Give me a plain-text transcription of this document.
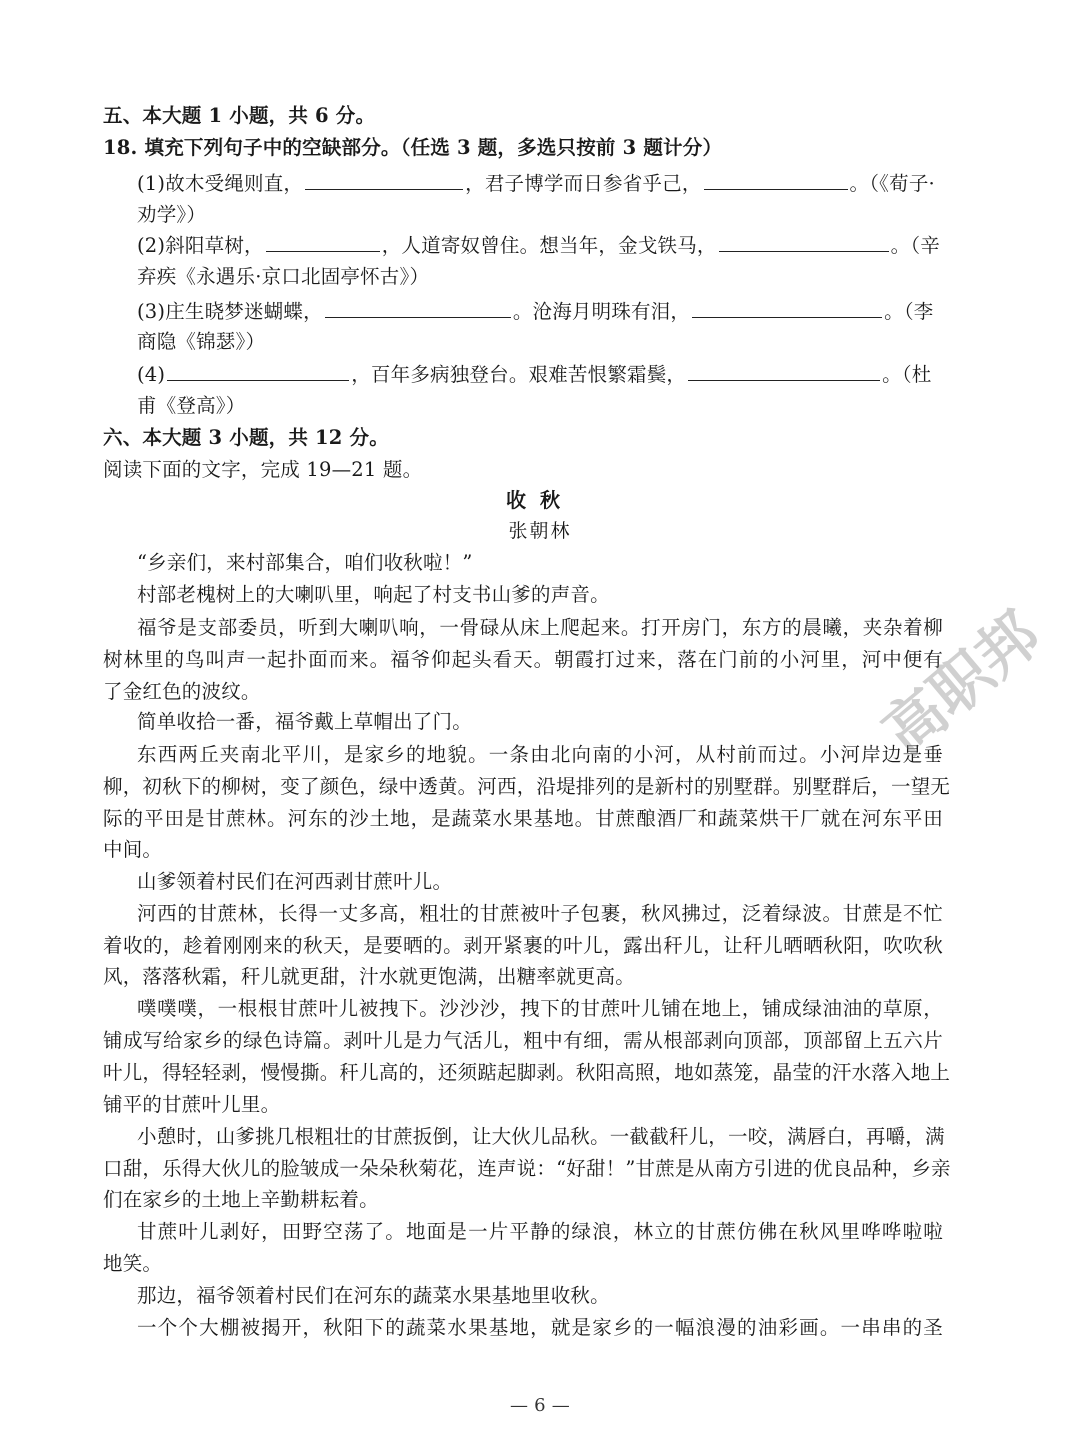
五、本大题 1 小题，共 6 分。
18. 填充下列句子中的空缺部分。（任选 3 题，多选只按前 3 题计分）
(1)故木受绳则直，	，君子博学而日参省乎己，	。（《荀子·
劝学》）
(2)斜阳草树，	，人道寄奴曾住。想当年，金戈铁马，	。（辛
弃疾《永遇乐·京口北固亭怀古》）
(3)庄生晓梦迷蝴蝶，	。沧海月明珠有泪，	。（李
商隐《锦瑟》）
(4)	，百年多病独登台。艰难苦恨繁霜鬓，	。（杜
甫《登高》）
六、本大题 3 小题，共 12 分。
阅读下面的文字，完成 19—21 题。
收秋
张朝林
“乡亲们，来村部集合，咱们收秋啦！”
村部老槐树上的大喇叭里，响起了村支书山爹的声音。
福爷是支部委员，听到大喇叭响，一骨碌从床上爬起来。打开房门，东方的晨曦，夹杂着柳
树林里的鸟叫声一起扑面而来。福爷仰起头看天。朝霞打过来，落在门前的小河里，河中便有
了金红色的波纹。
简单收拾一番，福爷戴上草帽出了门。
东西两丘夹南北平川，是家乡的地貌。一条由北向南的小河，从村前而过。小河岸边是垂
柳，初秋下的柳树，变了颜色，绿中透黄。河西，沿堤排列的是新村的别墅群。别墅群后，一望无
际的平田是甘蔗林。河东的沙土地，是蔬菜水果基地。甘蔗酿酒厂和蔬菜烘干厂就在河东平田
中间。
山爹领着村民们在河西剥甘蔗叶儿。
河西的甘蔗林，长得一丈多高，粗壮的甘蔗被叶子包裹，秋风拂过，泛着绿波。甘蔗是不忙
着收的，趁着刚刚来的秋天，是要晒的。剥开紧裹的叶儿，露出秆儿，让秆儿晒晒秋阳，吹吹秋
风，落落秋霜，秆儿就更甜，汁水就更饱满，出糖率就更高。
噗噗噗，一根根甘蔗叶儿被拽下。沙沙沙，拽下的甘蔗叶儿铺在地上，铺成绿油油的草原，
铺成写给家乡的绿色诗篇。剥叶儿是力气活儿，粗中有细，需从根部剥向顶部，顶部留上五六片
叶儿，得轻轻剥，慢慢撕。秆儿高的，还须踮起脚剥。秋阳高照，地如蒸笼，晶莹的汗水落入地上
铺平的甘蔗叶儿里。
小憩时，山爹挑几根粗壮的甘蔗扳倒，让大伙儿品秋。一截截秆儿，一咬，满唇白，再嚼，满
口甜，乐得大伙儿的脸皱成一朵朵秋菊花，连声说：“好甜！”甘蔗是从南方引进的优良品种，乡亲
们在家乡的土地上辛勤耕耘着。
甘蔗叶儿剥好，田野空荡了。地面是一片平静的绿浪，林立的甘蔗仿佛在秋风里哗哗啦啦
地笑。
那边，福爷领着村民们在河东的蔬菜水果基地里收秋。
一个个大棚被揭开，秋阳下的蔬菜水果基地，就是家乡的一幅浪漫的油彩画。一串串的圣
— 6 —
高职邦
